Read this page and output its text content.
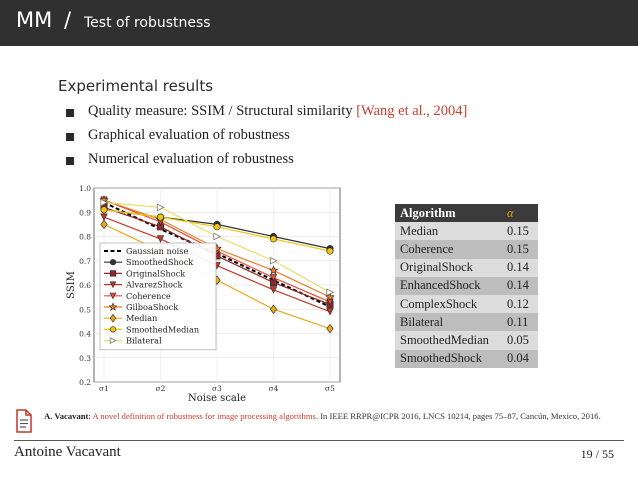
MM / Test of robustness
Experimental results
Quality measure: SSIM / Structural similarity [Wang et al., 2004]
Graphical evaluation of robustness
Numerical evaluation of robustness
0.2
0.3
0.4
0.5
0.6
0.7
0.8
0.9
1.0
σ1	σ2	σ3	σ4	σ5
Noise scale
SSIM
Gaussian noise
SmoothedShock
OriginalShock
AlvarezShock
Coherence
GilboaShock
Median
SmoothedMedian
Bilateral
Algorithm	α
Median	0.15
Coherence	0.15
OriginalShock	0.14
EnhancedShock	0.14
ComplexShock	0.12
Bilateral	0.11
SmoothedMedian	0.05
SmoothedShock	0.04
A. Vacavant: A novel definition of robustness for image processing algorithms. In IEEE RRPR@ICPR 2016, LNCS 10214, pages 75–87, Cancún, Mexico, 2016.
Antoine Vacavant	19 / 55
